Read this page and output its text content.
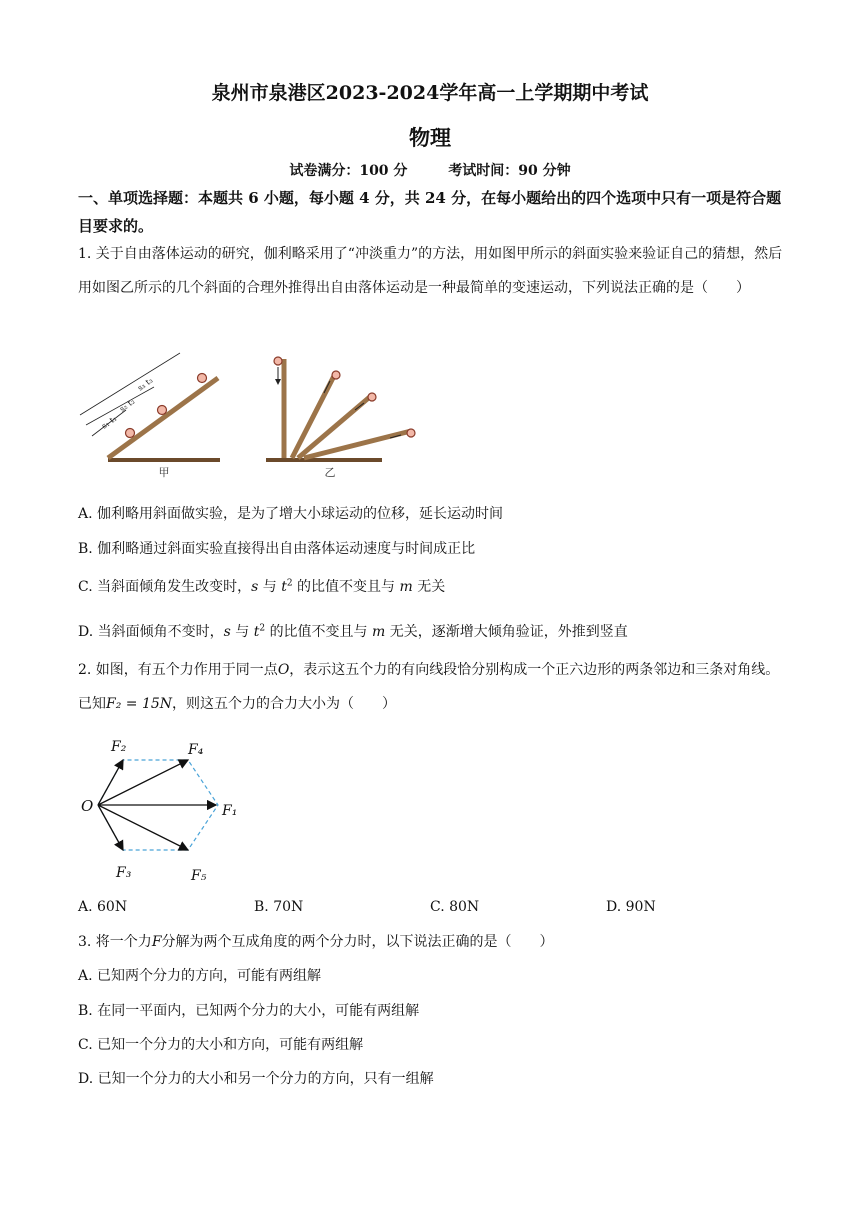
泉州市泉港区2023-2024学年高一上学期期中考试
物理
试卷满分：100 分	考试时间：90 分钟
一、单项选择题：本题共 6 小题，每小题 4 分，共 24 分，在每小题给出的四个选项中只有一项是符合题目要求的。
1. 关于自由落体运动的研究，伽利略采用了“冲淡重力”的方法，用如图甲所示的斜面实验来验证自己的猜想，然后用如图乙所示的几个斜面的合理外推得出自由落体运动是一种最简单的变速运动，下列说法正确的是（　　）
s₁ t₁
s₂ t₂
s₃ t₃
甲	乙
A. 伽利略用斜面做实验，是为了增大小球运动的位移，延长运动时间
B. 伽利略通过斜面实验直接得出自由落体运动速度与时间成正比
C. 当斜面倾角发生改变时，s 与 $t^2$ 的比值不变且与 m 无关
D. 当斜面倾角不变时，s 与 $t^2$ 的比值不变且与 m 无关，逐渐增大倾角验证，外推到竖直
2. 如图，有五个力作用于同一点O，表示这五个力的有向线段恰分别构成一个正六边形的两条邻边和三条对角线。已知F₂ = 15N，则这五个力的合力大小为（　　）
O	F₁
F₂
F₃
F₄
F₅
A. 60N	B. 70N	C. 80N	D. 90N
3. 将一个力F分解为两个互成角度的两个分力时，以下说法正确的是（　　）
A. 已知两个分力的方向，可能有两组解
B. 在同一平面内，已知两个分力的大小，可能有两组解
C. 已知一个分力的大小和方向，可能有两组解
D. 已知一个分力的大小和另一个分力的方向，只有一组解
